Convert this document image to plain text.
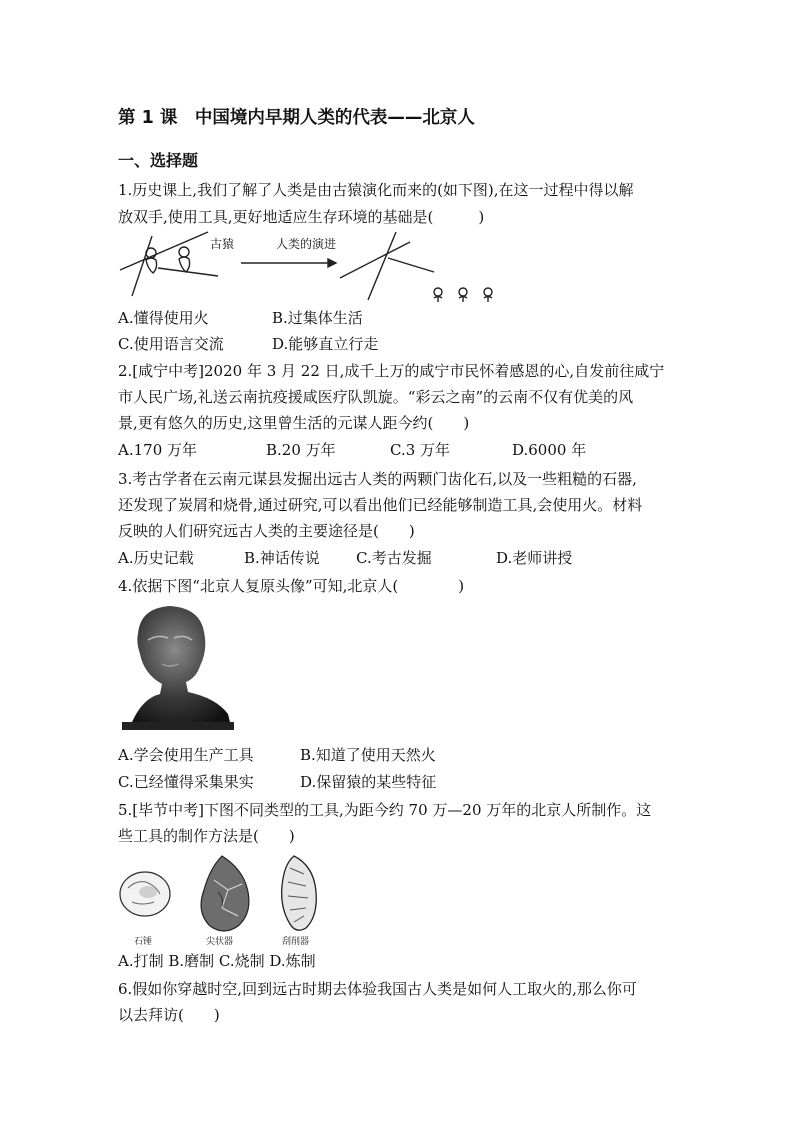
第 1 课　中国境内早期人类的代表——北京人
一、选择题
1.历史课上,我们了解了人类是由古猿演化而来的(如下图),在这一过程中得以解
放双手,使用工具,更好地适应生存环境的基础是(　　　)
古猿	人类的演进
A.懂得使用火	B.过集体生活
C.使用语言交流	D.能够直立行走
2.[咸宁中考]2020 年 3 月 22 日,成千上万的咸宁市民怀着感恩的心,自发前往咸宁
市人民广场,礼送云南抗疫援咸医疗队凯旋。“彩云之南”的云南不仅有优美的风
景,更有悠久的历史,这里曾生活的元谋人距今约(　　)
A.170 万年	B.20 万年	C.3 万年	D.6000 年
3.考古学者在云南元谋县发掘出远古人类的两颗门齿化石,以及一些粗糙的石器,
还发现了炭屑和烧骨,通过研究,可以看出他们已经能够制造工具,会使用火。材料
反映的人们研究远古人类的主要途径是(　　)
A.历史记载	B.神话传说 C.考古发掘	D.老师讲授
4.依据下图“北京人复原头像”可知,北京人(　　　　)
A.学会使用生产工具	B.知道了使用天然火
C.已经懂得采集果实	D.保留猿的某些特征
5.[毕节中考]下图不同类型的工具,为距今约 70 万—20 万年的北京人所制作。这
些工具的制作方法是(　　)
石锤	尖状器	刮削器
A.打制 B.磨制 C.烧制 D.炼制
6.假如你穿越时空,回到远古时期去体验我国古人类是如何人工取火的,那么你可
以去拜访(　　)
